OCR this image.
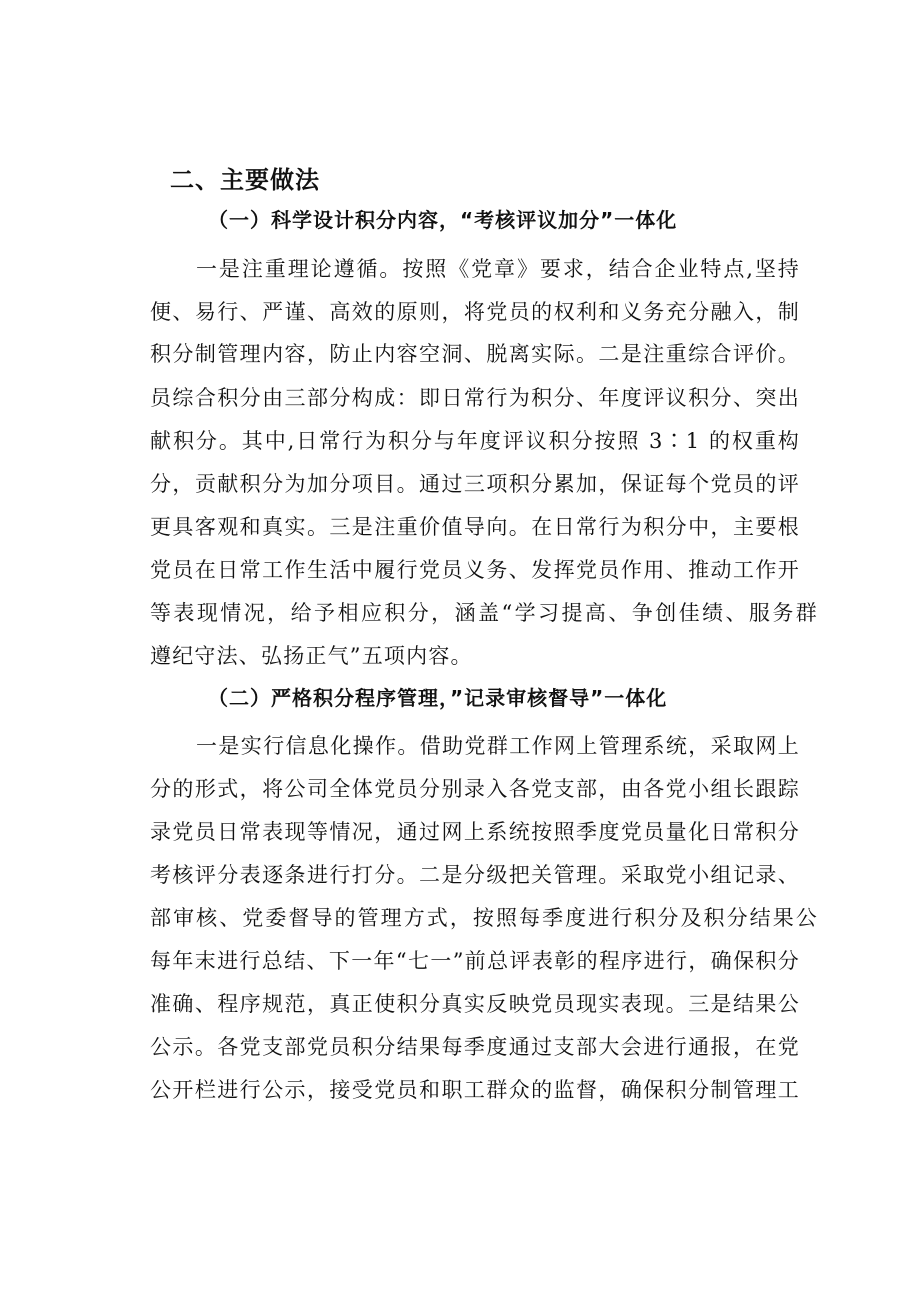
二、主要做法
（一）科学设计积分内容，“考核评议加分”一体化
一是注重理论遵循。按照《党章》要求，结合企业特点,坚持
便、易行、严谨、高效的原则，将党员的权利和义务充分融入，制
积分制管理内容，防止内容空洞、脱离实际。二是注重综合评价。
员综合积分由三部分构成：即日常行为积分、年度评议积分、突出
献积分。其中,日常行为积分与年度评议积分按照 3∶1 的权重构
分，贡献积分为加分项目。通过三项积分累加，保证每个党员的评
更具客观和真实。三是注重价值导向。在日常行为积分中，主要根
党员在日常工作生活中履行党员义务、发挥党员作用、推动工作开
等表现情况，给予相应积分，涵盖“学习提高、争创佳绩、服务群
遵纪守法、弘扬正气”五项内容。
（二）严格积分程序管理，”记录审核督导”一体化
一是实行信息化操作。借助党群工作网上管理系统，采取网上
分的形式，将公司全体党员分别录入各党支部，由各党小组长跟踪
录党员日常表现等情况，通过网上系统按照季度党员量化日常积分
考核评分表逐条进行打分。二是分级把关管理。采取党小组记录、
部审核、党委督导的管理方式，按照每季度进行积分及积分结果公
每年末进行总结、下一年“七一”前总评表彰的程序进行，确保积分
准确、程序规范，真正使积分真实反映党员现实表现。三是结果公
公示。各党支部党员积分结果每季度通过支部大会进行通报，在党
公开栏进行公示，接受党员和职工群众的监督，确保积分制管理工
